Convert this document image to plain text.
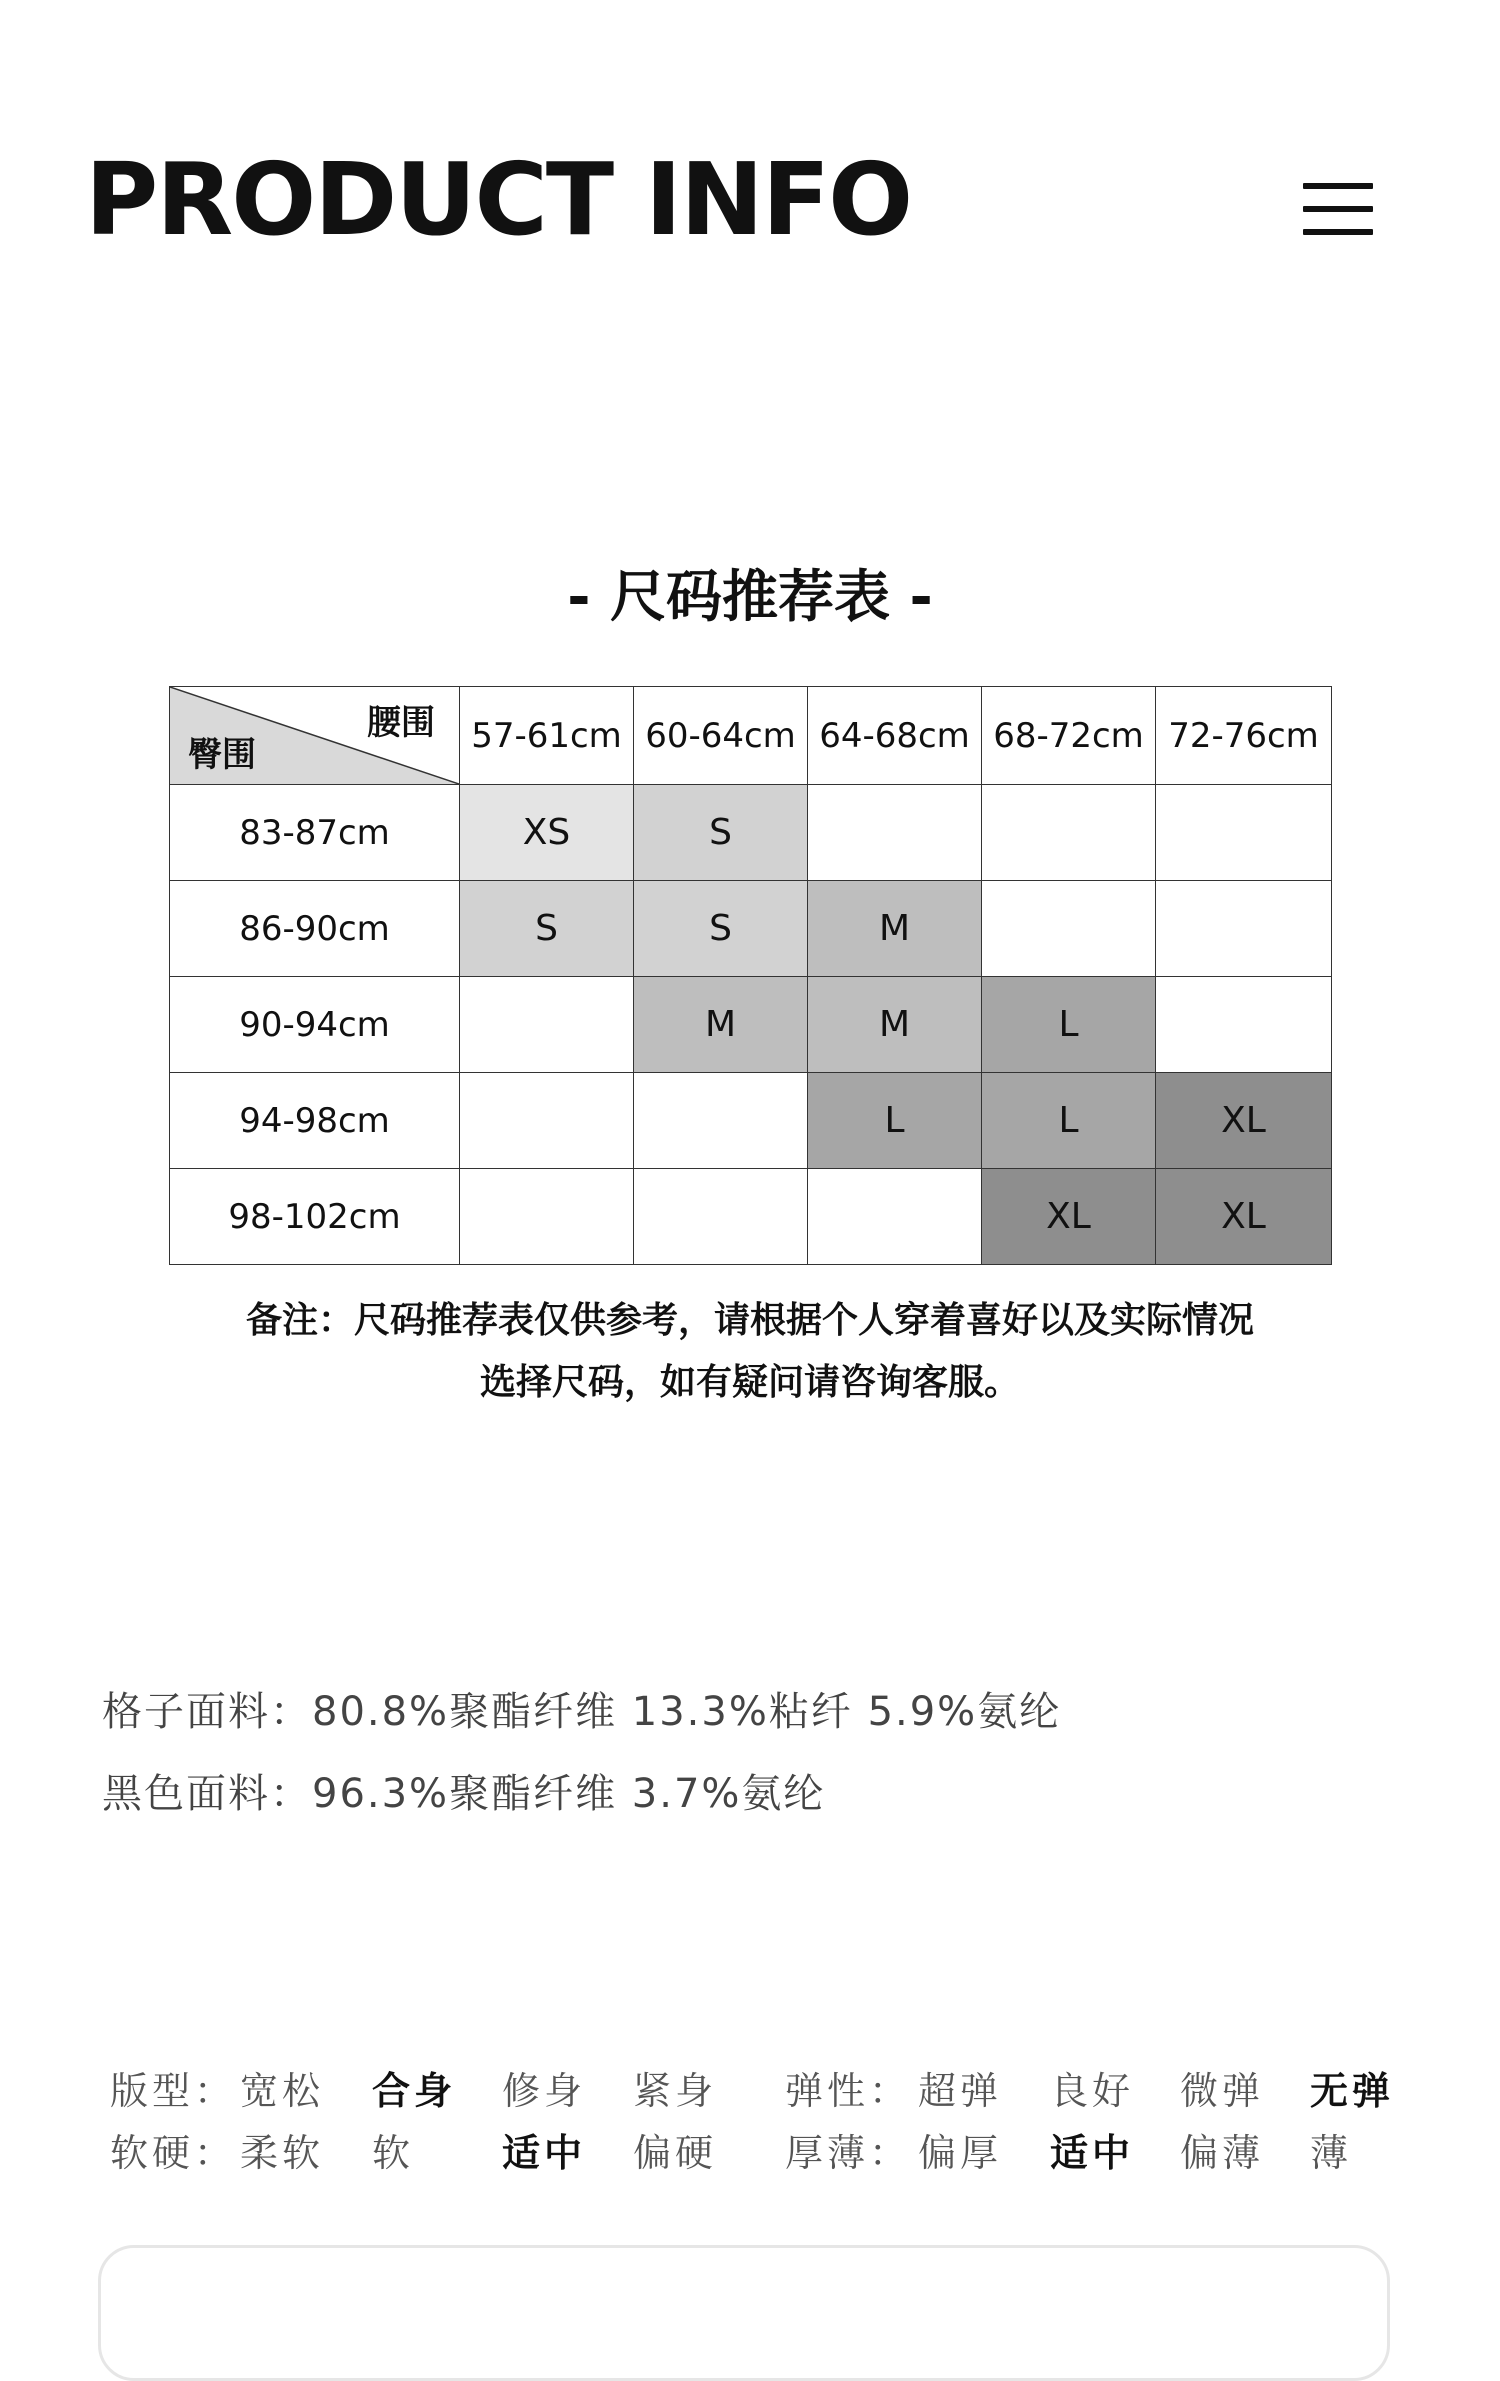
PRODUCT INFO
- 尺码推荐表 -
腰围
臀围	57-61cm	60-64cm	64-68cm	68-72cm	72-76cm
83-87cm	XS	S			
86-90cm	S	S	M		
90-94cm		M	M	L	
94-98cm			L	L	XL
98-102cm				XL	XL
备注：尺码推荐表仅供参考，请根据个人穿着喜好以及实际情况
选择尺码，如有疑问请咨询客服。
格子面料：80.8%聚酯纤维 13.3%粘纤 5.9%氨纶
黑色面料：96.3%聚酯纤维 3.7%氨纶
版型： 宽松 合身 修身 紧身 弹性： 超弹 良好 微弹 无弹
软硬： 柔软 软 适中 偏硬 厚薄： 偏厚 适中 偏薄 薄
